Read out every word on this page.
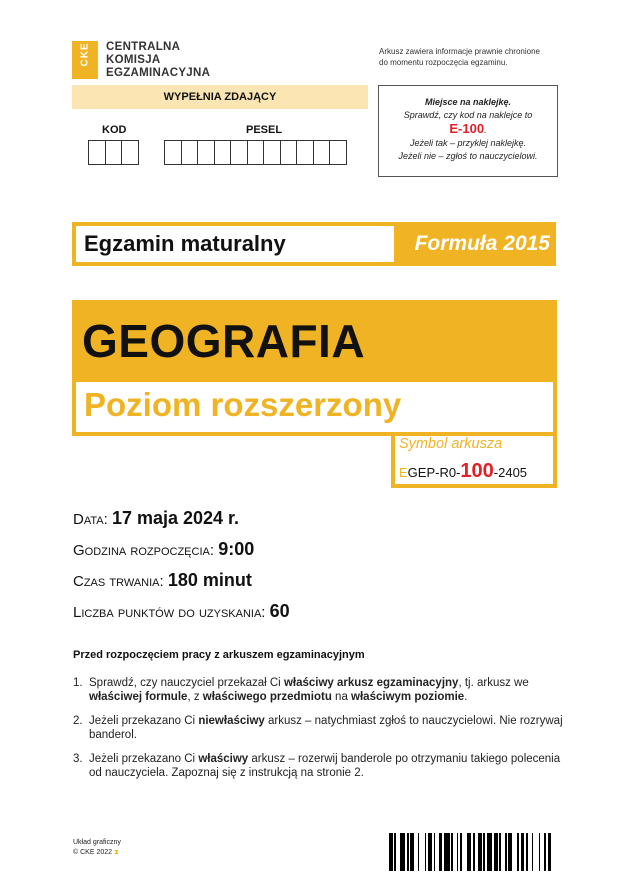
CKE CENTRALNA
KOMISJA
EGZAMINACYJNA
Arkusz zawiera informacje prawnie chronione
do momentu rozpoczęcia egzaminu.
WYPEŁNIA ZDAJĄCY
KOD	PESEL
Miejsce na naklejkę.
Sprawdź, czy kod na naklejce to
E-100.
Jeżeli tak – przyklej naklejkę.
Jeżeli nie – zgłoś to nauczycielowi.
Egzamin maturalny	Formuła 2015
GEOGRAFIA
Poziom rozszerzony
Symbol arkusza
EGEP-R0-100-2405
Data: 17 maja 2024 r.
Godzina rozpoczęcia: 9:00
Czas trwania: 180 minut
Liczba punktów do uzyskania: 60
Przed rozpoczęciem pracy z arkuszem egzaminacyjnym
1. Sprawdź, czy nauczyciel przekazał Ci właściwy arkusz egzaminacyjny, tj. arkusz we właściwej formule, z właściwego przedmiotu na właściwym poziomie.
2. Jeżeli przekazano Ci niewłaściwy arkusz – natychmiast zgłoś to nauczycielowi. Nie rozrywaj banderol.
3. Jeżeli przekazano Ci właściwy arkusz – rozerwij banderole po otrzymaniu takiego polecenia od nauczyciela. Zapoznaj się z instrukcją na stronie 2.
Układ graficzny
© CKE 2022 ⧗
